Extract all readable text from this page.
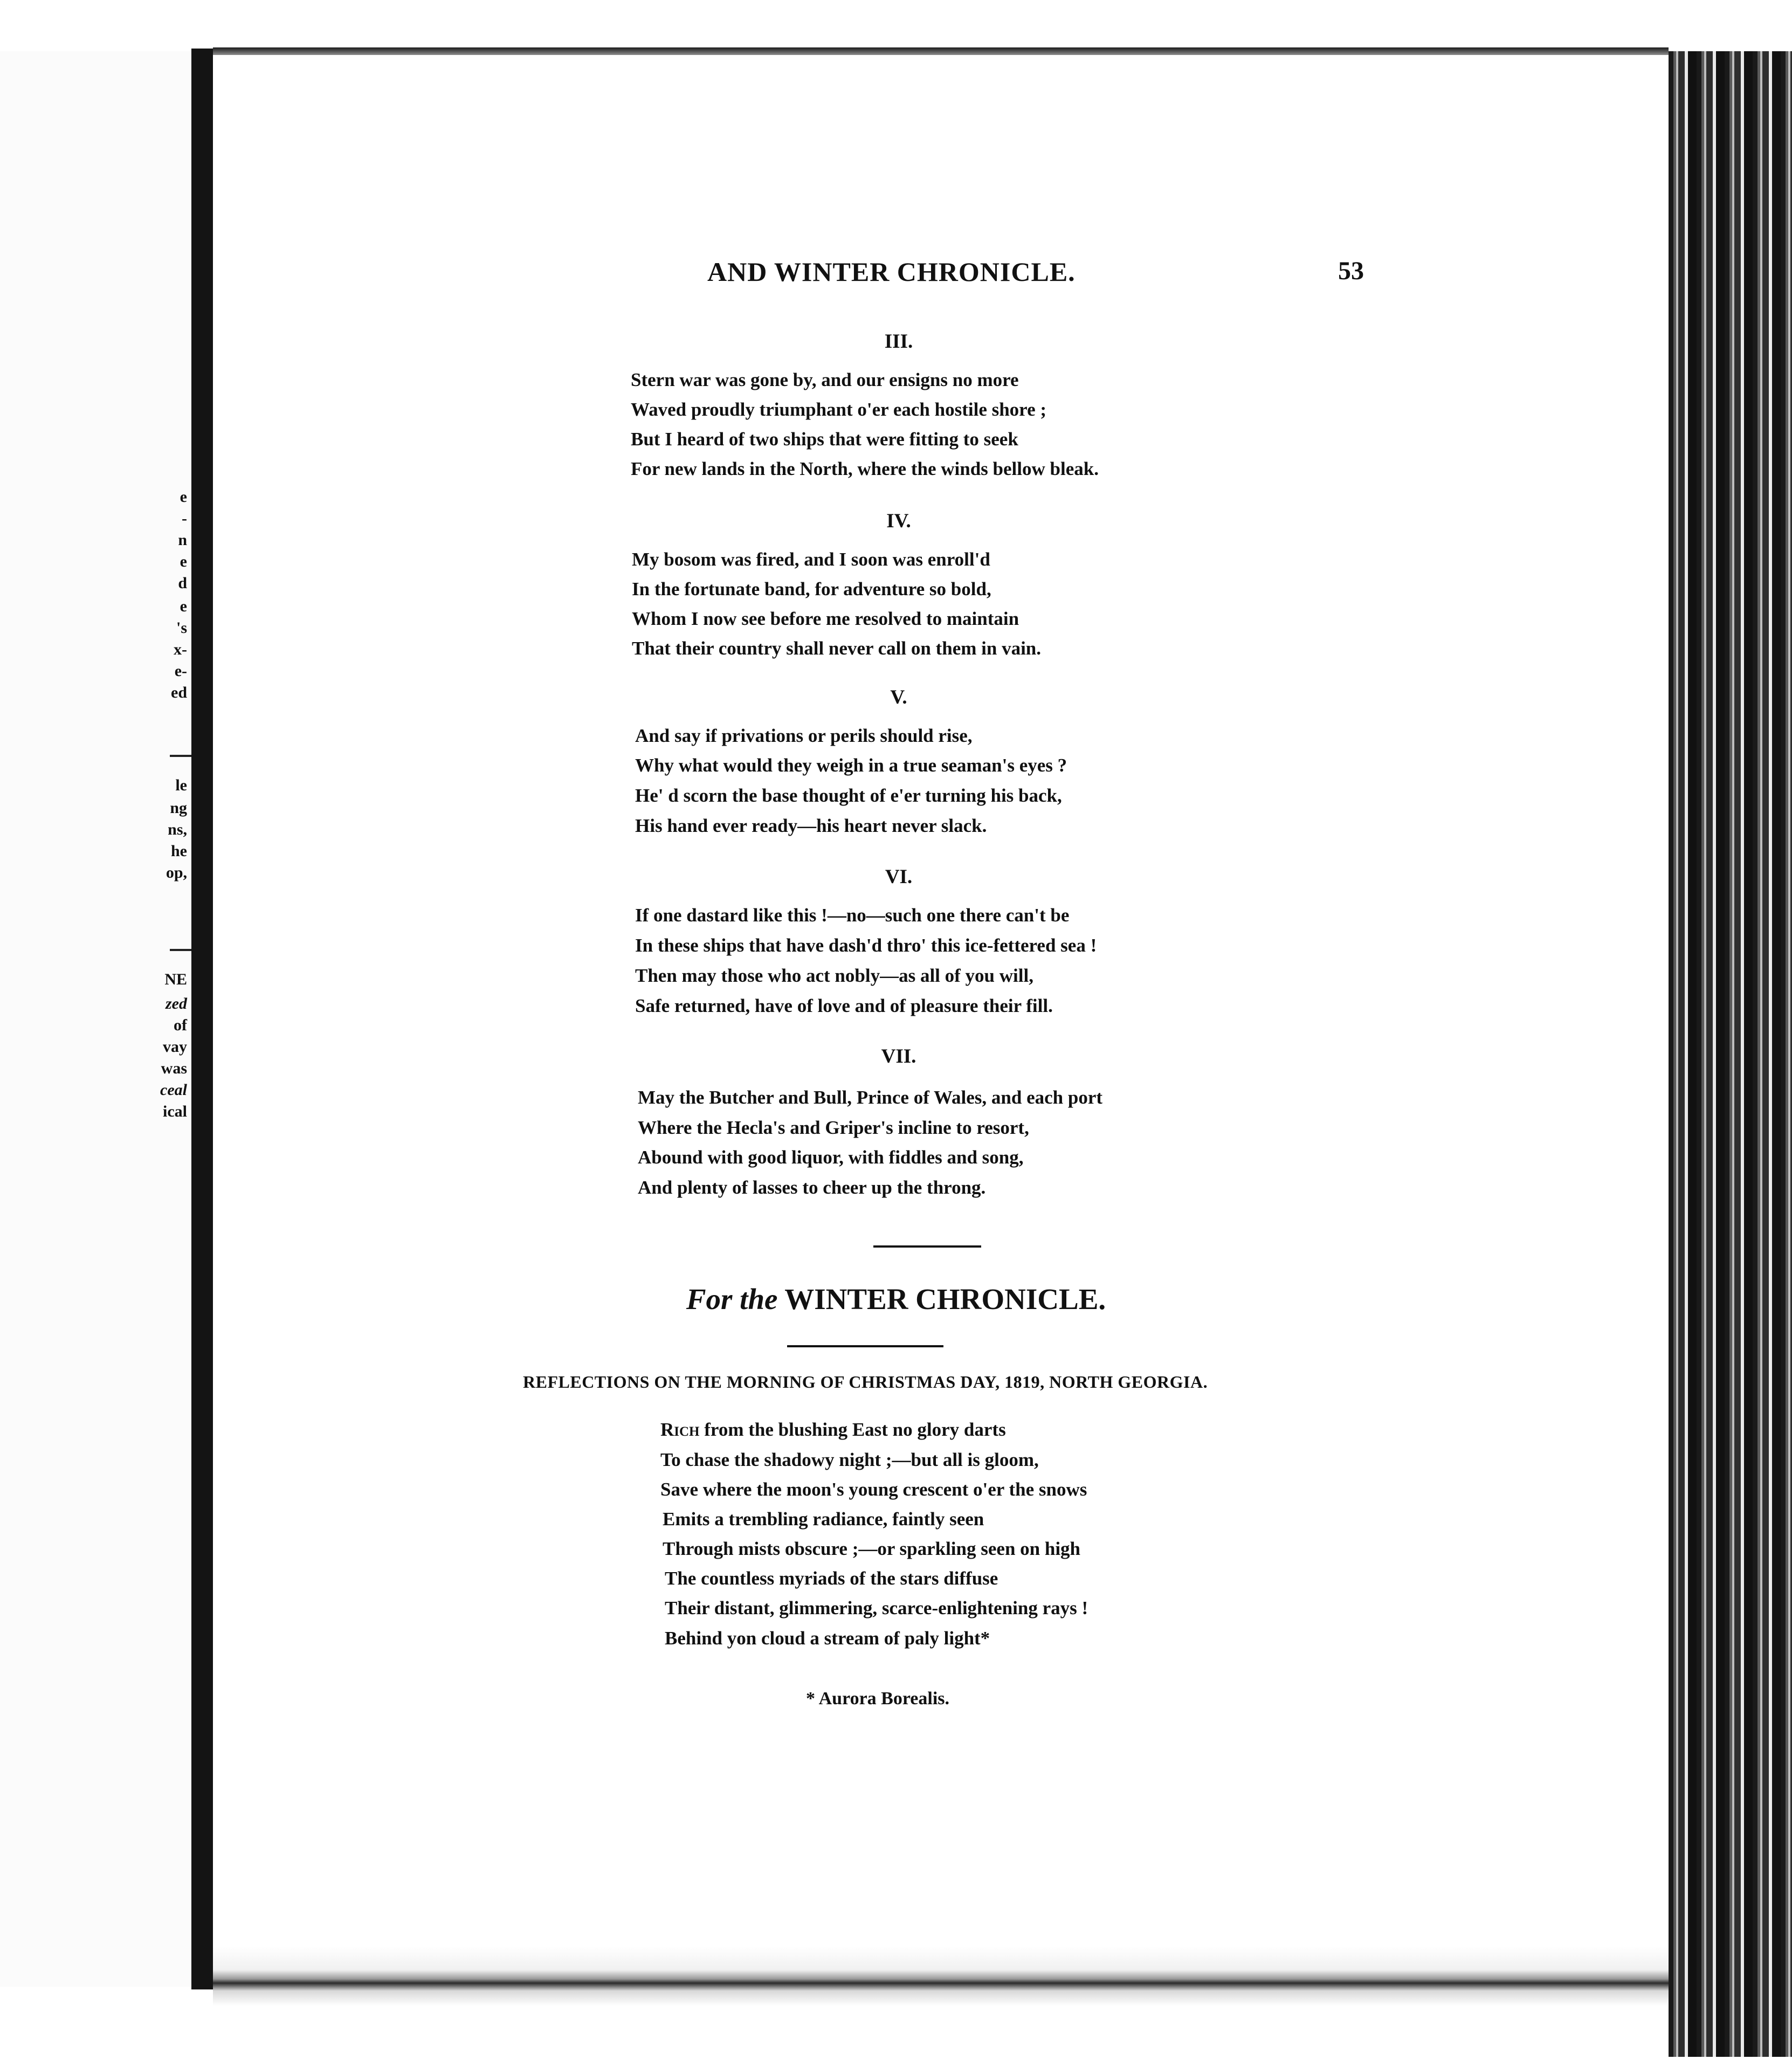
e
-
n
e
d
e
's
x-
e-
ed
le
ng
ns,
he
op,
NE
zed
of
vay
was
ceal
ical
AND WINTER CHRONICLE.	53
III.
Stern war was gone by, and our ensigns no more
Waved proudly triumphant o'er each hostile shore ;
But I heard of two ships that were fitting to seek
For new lands in the North, where the winds bellow bleak.
IV.
My bosom was fired, and I soon was enroll'd
In the fortunate band, for adventure so bold,
Whom I now see before me resolved to maintain
That their country shall never call on them in vain.
V.
And say if privations or perils should rise,
Why what would they weigh in a true seaman's eyes ?
He' d scorn the base thought of e'er turning his back,
His hand ever ready—his heart never slack.
VI.
If one dastard like this !—no—such one there can't be
In these ships that have dash'd thro' this ice-fettered sea !
Then may those who act nobly—as all of you will,
Safe returned, have of love and of pleasure their fill.
VII.
May the Butcher and Bull, Prince of Wales, and each port
Where the Hecla's and Griper's incline to resort,
Abound with good liquor, with fiddles and song,
And plenty of lasses to cheer up the throng.
For the WINTER CHRONICLE.
REFLECTIONS ON THE MORNING OF CHRISTMAS DAY, 1819, NORTH GEORGIA.
Rich from the blushing East no glory darts
To chase the shadowy night ;—but all is gloom,
Save where the moon's young crescent o'er the snows
Emits a trembling radiance, faintly seen
Through mists obscure ;—or sparkling seen on high
The countless myriads of the stars diffuse
Their distant, glimmering, scarce-enlightening rays !
Behind yon cloud a stream of paly light*
* Aurora Borealis.
